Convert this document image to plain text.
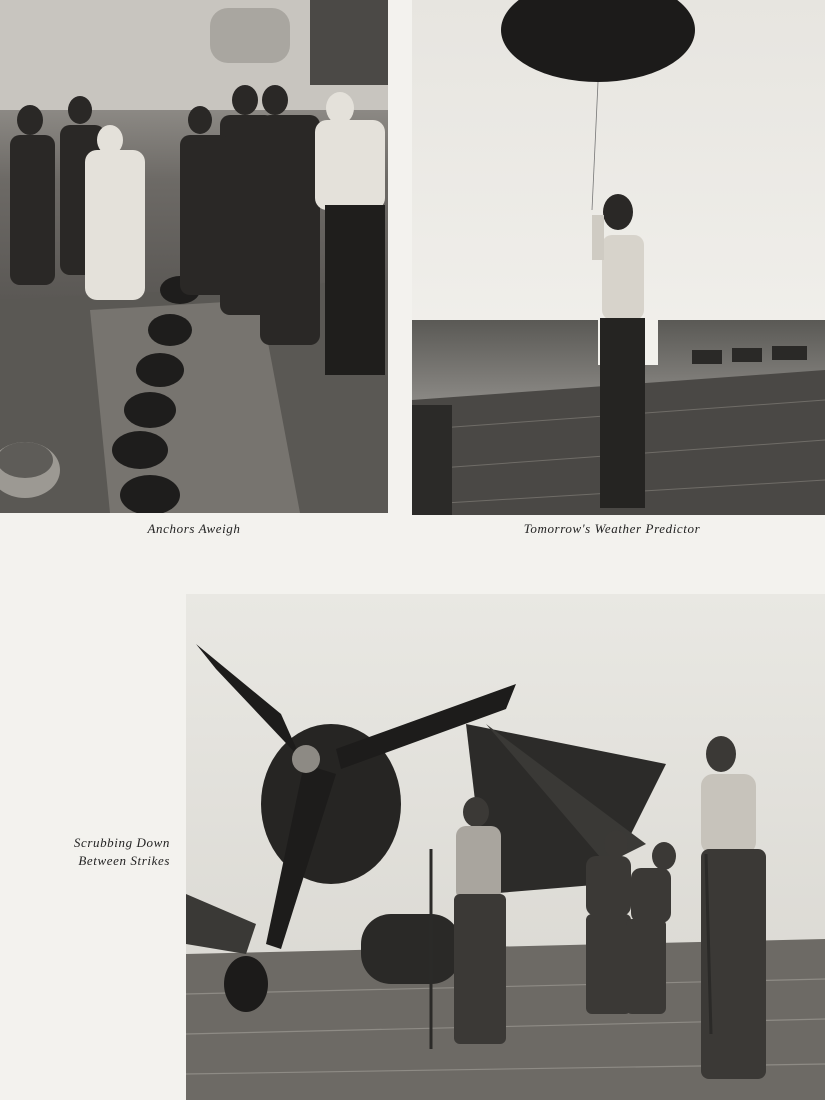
Anchors Aweigh	Tomorrow's Weather Predictor
Scrubbing Down
Between Strikes
